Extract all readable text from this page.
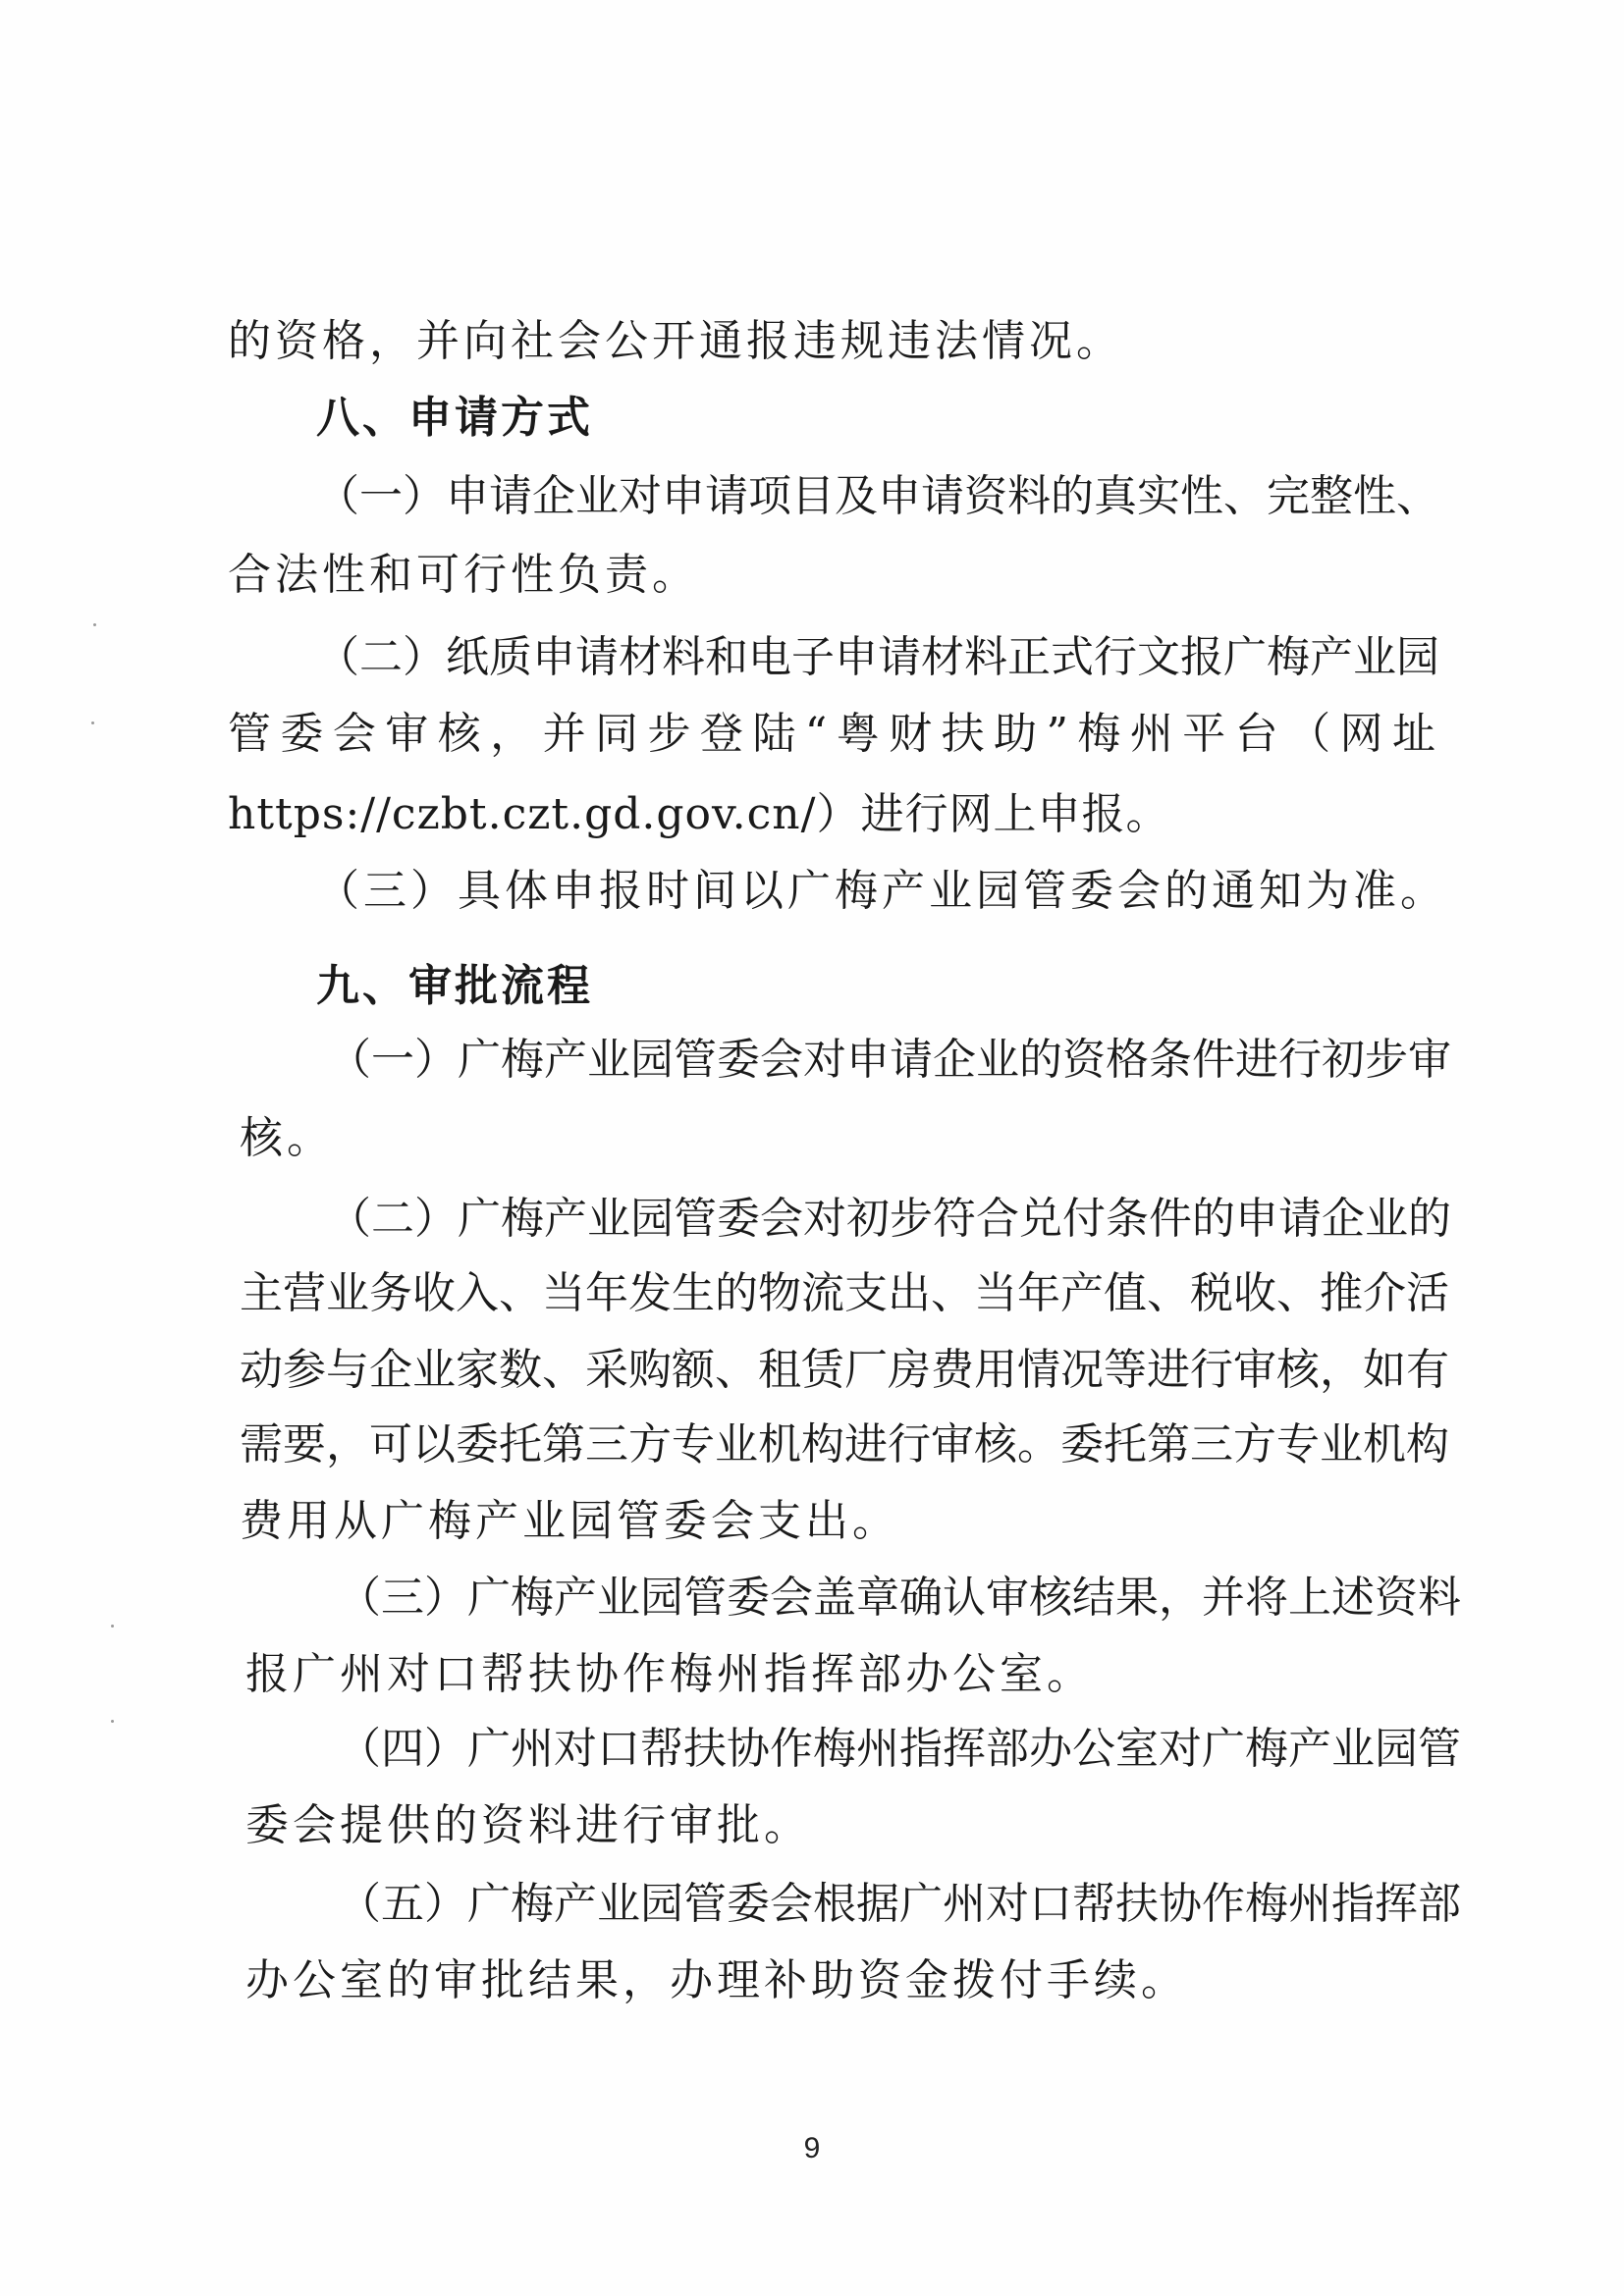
的资格，并向社会公开通报违规违法情况。
八、申请方式
（一）申请企业对申请项目及申请资料的真实性、完整性、
合法性和可行性负责。
（二）纸质申请材料和电子申请材料正式行文报广梅产业园
管委会审核，并同步登陆“粤财扶助”梅州平台（网址
https://czbt.czt.gd.gov.cn/）进行网上申报。
（三）具体申报时间以广梅产业园管委会的通知为准。
九、审批流程
（一）广梅产业园管委会对申请企业的资格条件进行初步审
核。
（二）广梅产业园管委会对初步符合兑付条件的申请企业的
主营业务收入、当年发生的物流支出、当年产值、税收、推介活
动参与企业家数、采购额、租赁厂房费用情况等进行审核，如有
需要，可以委托第三方专业机构进行审核。委托第三方专业机构
费用从广梅产业园管委会支出。
（三）广梅产业园管委会盖章确认审核结果，并将上述资料
报广州对口帮扶协作梅州指挥部办公室。
（四）广州对口帮扶协作梅州指挥部办公室对广梅产业园管
委会提供的资料进行审批。
（五）广梅产业园管委会根据广州对口帮扶协作梅州指挥部
办公室的审批结果，办理补助资金拨付手续。
9
